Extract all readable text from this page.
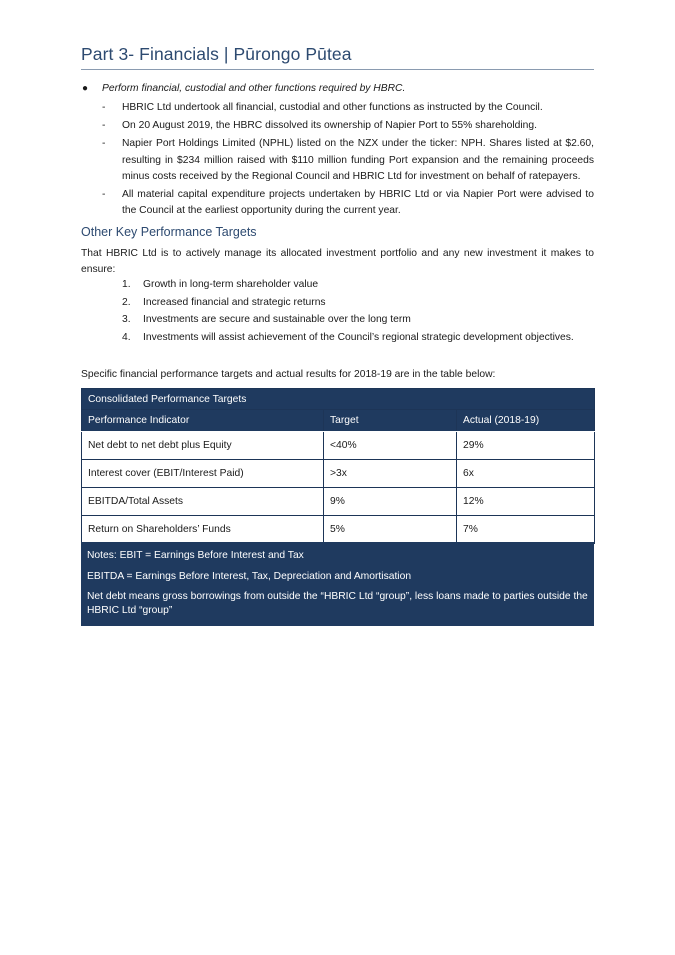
Part 3- Financials | Pūrongo Pūtea
● Perform financial, custodial and other functions required by HBRC.
- HBRIC Ltd undertook all financial, custodial and other functions as instructed by the Council.
- On 20 August 2019, the HBRC dissolved its ownership of Napier Port to 55% shareholding.
- Napier Port Holdings Limited (NPHL) listed on the NZX under the ticker: NPH. Shares listed at $2.60, resulting in $234 million raised with $110 million funding Port expansion and the remaining proceeds minus costs received by the Regional Council and HBRIC Ltd for investment on behalf of ratepayers.
- All material capital expenditure projects undertaken by HBRIC Ltd or via Napier Port were advised to the Council at the earliest opportunity during the current year.
Other Key Performance Targets
That HBRIC Ltd is to actively manage its allocated investment portfolio and any new investment it makes to ensure:
1. Growth in long-term shareholder value
2. Increased financial and strategic returns
3. Investments are secure and sustainable over the long term
4. Investments will assist achievement of the Council’s regional strategic development objectives.
Specific financial performance targets and actual results for 2018-19 are in the table below:
Consolidated Performance Targets		
Performance Indicator	Target	Actual (2018-19)
Net debt to net debt plus Equity	<40%	29%
Interest cover (EBIT/Interest Paid)	>3x	6x
EBITDA/Total Assets	9%	12%
Return on Shareholders’ Funds	5%	7%
Notes: EBIT = Earnings Before Interest and Tax
EBITDA = Earnings Before Interest, Tax, Depreciation and Amortisation
Net debt means gross borrowings from outside the “HBRIC Ltd “group”, less loans made to parties outside the HBRIC Ltd “group”
